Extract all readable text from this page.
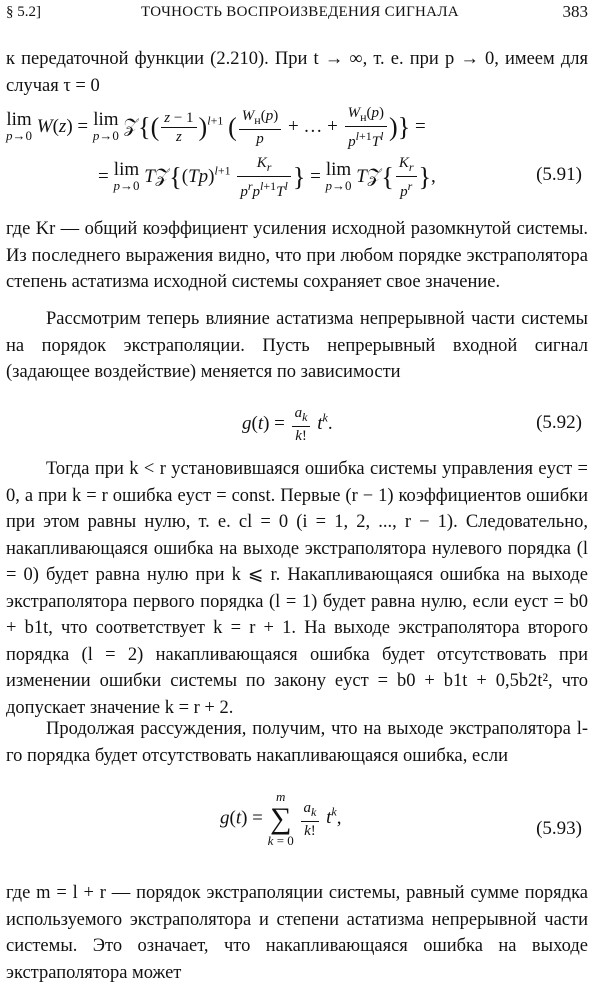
§ 5.2]	ТОЧНОСТЬ ВОСПРОИЗВЕДЕНИЯ СИГНАЛА	383
к передаточной функции (2.210). При t → ∞, т. е. при p → 0, имеем для случая τ = 0
lim
p→0 W(z) = lim
p→0 𝒵{( $\frac{z - 1}{z} )^{l+1}$ ( $\frac{W_н(p)}{p}$ + … + $\frac{W_н(p)}{p^{l+1}T^l}$ )} =
= lim
p→0 $T𝒵\{(Tp)^{l+1} \frac{K_r}{p^rp^{l+1}T^l}$ } = lim
p→0 T𝒵{ $\frac{K_r}{p^r}$ },	(5.91)
где Kr — общий коэффициент усиления исходной разомкнутой системы. Из последнего выражения видно, что при любом порядке экстраполятора степень астатизма исходной системы сохраняет свое значение.
Рассмотрим теперь влияние астатизма непрерывной части системы на порядок экстраполяции. Пусть непрерывный входной сигнал (задающее воздействие) меняется по зависимости
$g(t) = \frac{a_k}{k!} t^k$.	(5.92)
Тогда при k < r установившаяся ошибка системы управления eуст = 0, а при k = r ошибка eуст = const. Первые (r − 1) коэффициентов ошибки при этом равны нулю, т. е. cl = 0 (i = 1, 2, ..., r − 1). Следовательно, накапливающаяся ошибка на выходе экстраполятора нулевого порядка (l = 0) будет равна нулю при k ⩽ r. Накапливающаяся ошибка на выходе экстраполятора первого порядка (l = 1) будет равна нулю, если eуст = b0 + b1t, что соответствует k = r + 1. На выходе экстраполятора второго порядка (l = 2) накапливающаяся ошибка будет отсутствовать при изменении ошибки системы по закону eуст = b0 + b1t + 0,5b2t², что допускает значение k = r + 2.
Продолжая рассуждения, получим, что на выходе экстраполятора l-го порядка будет отсутствовать накапливающаяся ошибка, если
g(t) =
m
∑
k = 0

$\frac{a_k}{k!} t^k$,
(5.93)
где m = l + r — порядок экстраполяции системы, равный сумме порядка используемого экстраполятора и степени астатизма непрерывной части системы. Это означает, что накапливающаяся ошибка на выходе экстраполятора может
